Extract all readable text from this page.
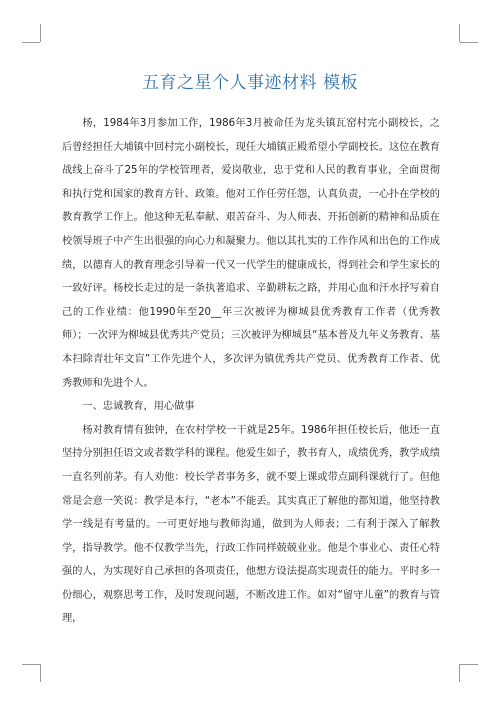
五育之星个人事迹材料 模板

杨，1984年3月参加工作，1986年3月被命任为龙头镇瓦窑村完小副校长，之后曾经担任大埔镇中回村完小副校长，现任大埔镇正殿希望小学副校长。这位在教育战线上奋斗了25年的学校管理者，爱岗敬业，忠于党和人民的教育事业，全面贯彻和执行党和国家的教育方针、政策。他对工作任劳任怨，认真负责，一心扑在学校的教育教学工作上。他这种无私奉献、艰苦奋斗、为人师表、开拓创新的精神和品质在校领导班子中产生出很强的向心力和凝聚力。他以其扎实的工作作风和出色的工作成绩，以德育人的教育理念引导着一代又一代学生的健康成长，得到社会和学生家长的一致好评。杨校长走过的是一条执著追求、辛勤耕耘之路，并用心血和汗水抒写着自己的工作业绩：他1990年至20__年三次被评为柳城县优秀教育工作者（优秀教师）；一次评为柳城县优秀共产党员；三次被评为柳城县“基本普及九年义务教育、基本扫除青壮年文盲”工作先进个人，多次评为镇优秀共产党员、优秀教育工作者、优秀教师和先进个人。

一、忠诚教育，用心做事

杨对教育情有独钟，在农村学校一干就是25年。1986年担任校长后，他还一直坚持分别担任语文或者数学科的课程。他爱生如子，教书育人，成绩优秀，教学成绩一直名列前茅。有人劝他：校长学者事务多，就不要上课或带点副科课就行了。但他常是会意一笑说：教学是本行，“老本”不能丢。其实真正了解他的都知道，他坚持教学一线是有考量的。一可更好地与教师沟通，做到为人师表；二有利于深入了解教学，指导教学。他不仅教学当先，行政工作同样兢兢业业。他是个事业心、责任心特强的人，为实现好自己承担的各项责任，他想方设法提高实现责任的能力。平时多一份细心，观察思考工作，及时发现问题，不断改进工作。如对“留守儿童”的教育与管理，
